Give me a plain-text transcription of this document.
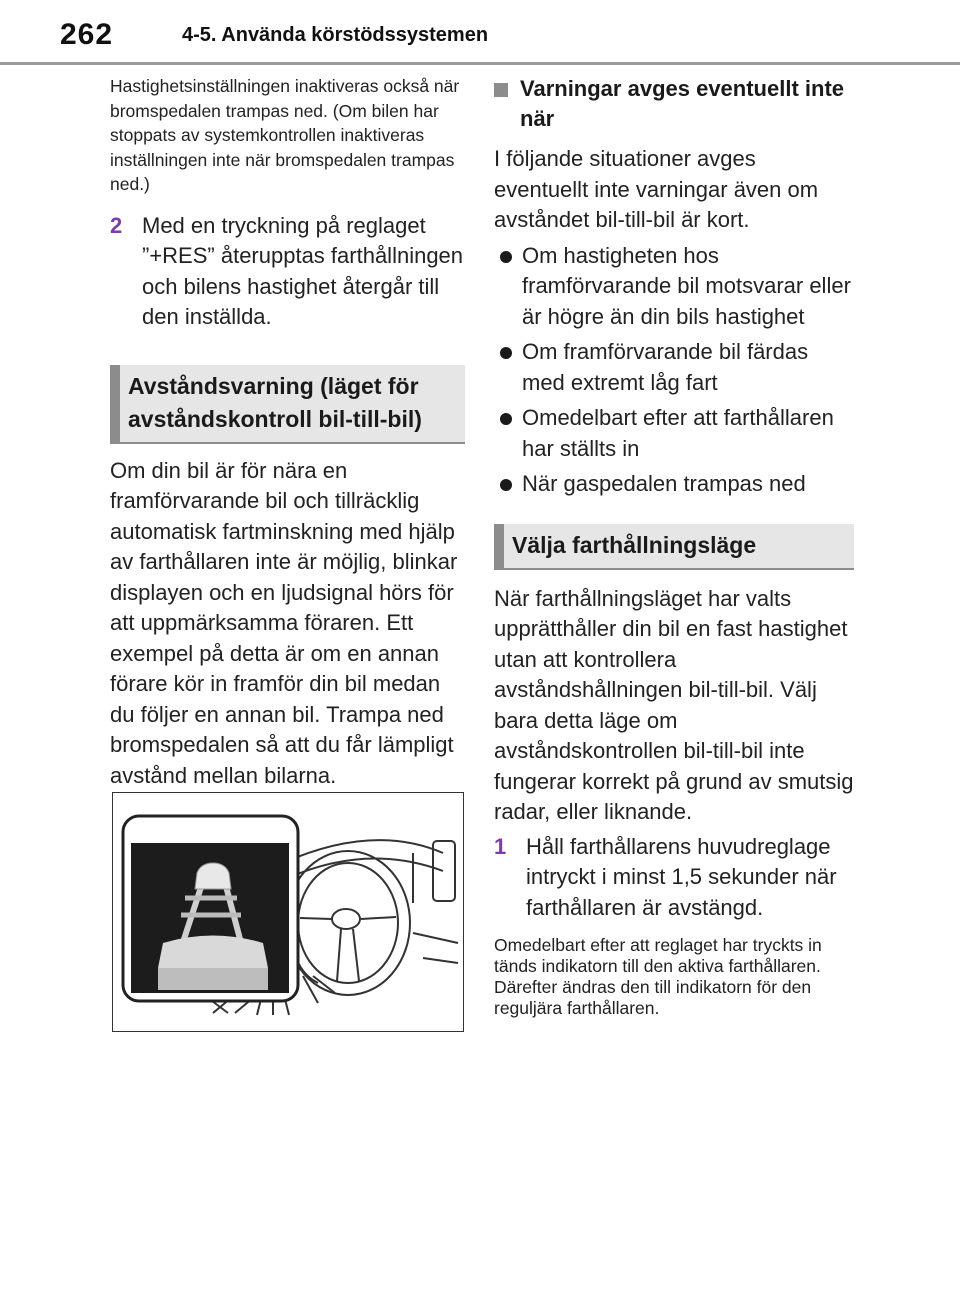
262	4-5. Använda körstödssystemen
Hastighetsinställningen inaktiveras också när bromspedalen trampas ned. (Om bilen har stoppats av systemkontrollen inaktiveras inställningen inte när bromspedalen trampas ned.)
2 Med en tryckning på reglaget ”+RES” återupptas farthållningen och bilens hastighet återgår till den inställda.
Avståndsvarning (läget för avståndskontroll bil-till-bil)
Om din bil är för nära en framförvarande bil och tillräcklig automatisk fartminskning med hjälp av farthållaren inte är möjlig, blinkar displayen och en ljudsignal hörs för att uppmärksamma föraren. Ett exempel på detta är om en annan förare kör in framför din bil medan du följer en annan bil. Trampa ned bromspedalen så att du får lämpligt avstånd mellan bilarna.
Varningar avges eventuellt inte när
I följande situationer avges eventuellt inte varningar även om avståndet bil-till-bil är kort.
Om hastigheten hos framförvarande bil motsvarar eller är högre än din bils hastighet
Om framförvarande bil färdas med extremt låg fart
Omedelbart efter att farthållaren har ställts in
När gaspedalen trampas ned
Välja farthållningsläge
När farthållningsläget har valts upprätthåller din bil en fast hastighet utan att kontrollera avståndshållningen bil-till-bil. Välj bara detta läge om avståndskontrollen bil-till-bil inte fungerar korrekt på grund av smutsig radar, eller liknande.
1 Håll farthållarens huvudreglage intryckt i minst 1,5 sekunder när farthållaren är avstängd.
Omedelbart efter att reglaget har tryckts in tänds indikatorn till den aktiva farthållaren. Därefter ändras den till indikatorn för den reguljära farthållaren.
